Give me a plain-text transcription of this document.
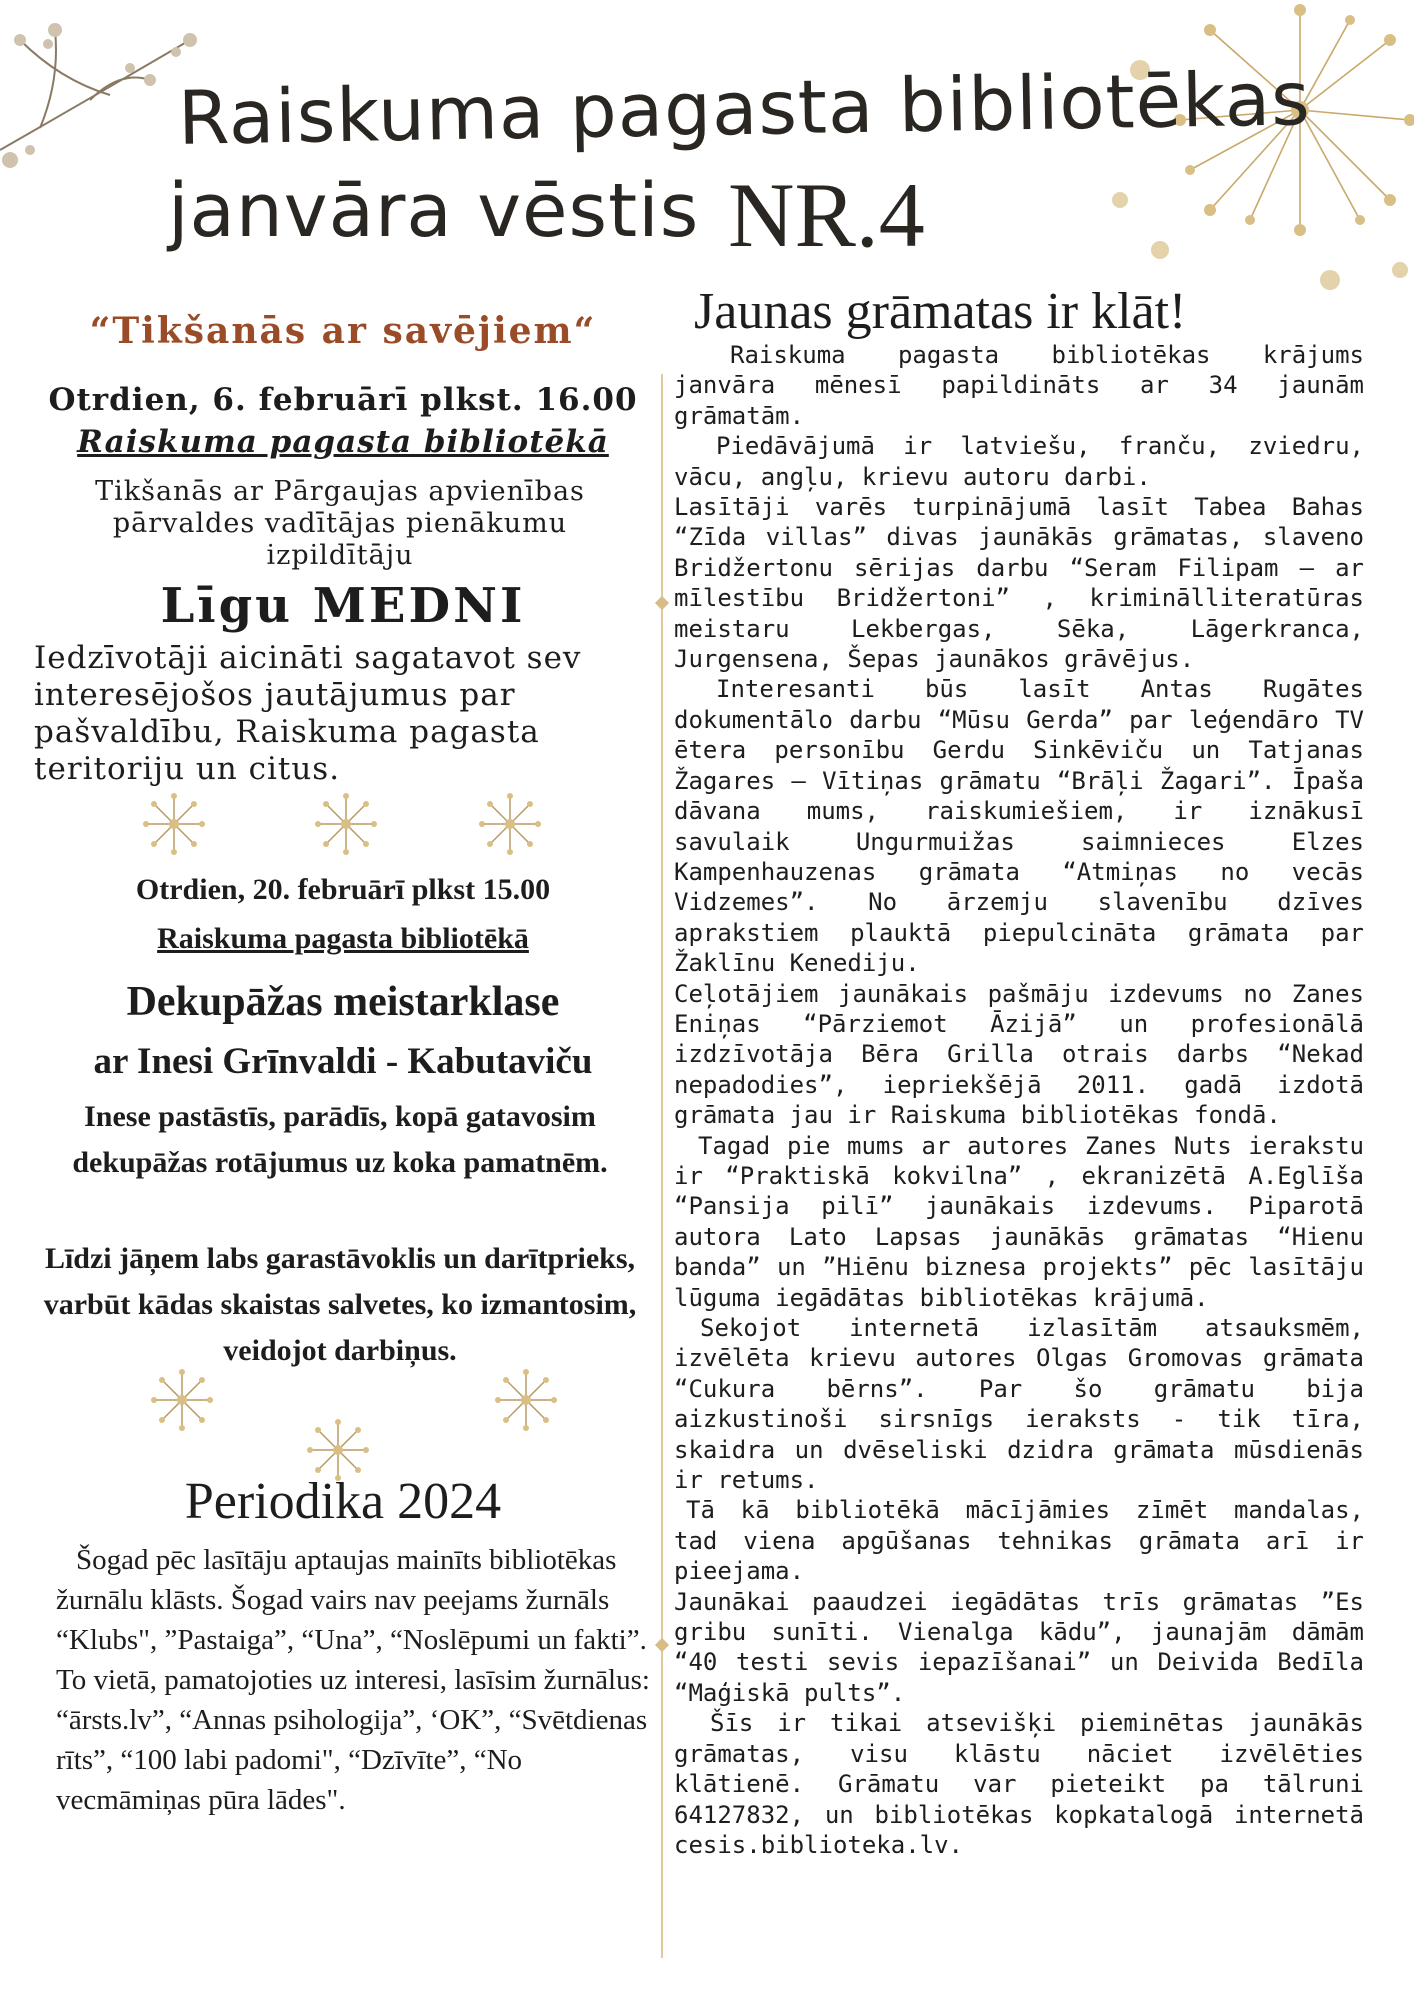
Raiskuma pagasta bibliotēkas
janvāra vēstis NR.4
“Tikšanās ar savējiem“
Otrdien, 6. februārī plkst. 16.00
Raiskuma pagasta bibliotēkā
Tikšanās ar Pārgaujas apvienības pārvaldes vadītājas pienākumu izpildītāju
Līgu MEDNI
Iedzīvotāji aicināti sagatavot sev interesējošos jautājumus par pašvaldību, Raiskuma pagasta teritoriju un citus.
Otrdien, 20. februārī plkst 15.00
Raiskuma pagasta bibliotēkā
Dekupāžas meistarklase
ar Inesi Grīnvaldi - Kabutaviču
Inese pastāstīs, parādīs, kopā gatavosim dekupāžas rotājumus uz koka pamatnēm.
Līdzi jāņem labs garastāvoklis un darītprieks, varbūt kādas skaistas salvetes, ko izmantosim, veidojot darbiņus.
Periodika 2024

Šogad pēc lasītāju aptaujas mainīts bibliotēkas žurnālu klāsts. Šogad vairs nav peejams žurnāls “Klubs", ”Pastaiga”, “Una”, “Noslēpumi un fakti”.

To vietā, pamatojoties uz interesi, lasīsim žurnālus: “ārsts.lv”, “Annas psihologija”, ‘OK”, “Svētdienas rīts”, “100 labi padomi", “Dzīvīte”, “No vecmāmiņas pūra lādes".

Jaunas grāmatas ir klāt!

Raiskuma pagasta bibliotēkas krājums janvāra mēnesī papildināts ar 34 jaunām grāmatām.

Piedāvājumā ir latviešu, franču, zviedru, vācu, angļu, krievu autoru darbi.

Lasītāji varēs turpinājumā lasīt Tabea Bahas “Zīda villas” divas jaunākās grāmatas, slaveno Bridžertonu sērijas darbu “Seram Filipam – ar mīlestību Bridžertoni” , kriminālliteratūras meistaru Lekbergas, Sēka, Lāgerkranca, Jurgensena, Šepas jaunākos grāvējus.

Interesanti būs lasīt Antas Rugātes dokumentālo darbu “Mūsu Gerda” par leģendāro TV ētera personību Gerdu Sinkēviču un Tatjanas Žagares – Vītiņas grāmatu “Brāļi Žagari”. Īpaša dāvana mums, raiskumiešiem, ir iznākusī savulaik Ungurmuižas saimnieces Elzes Kampenhauzenas grāmata “Atmiņas no vecās Vidzemes”. No ārzemju slavenību dzīves aprakstiem plauktā piepulcināta grāmata par Žaklīnu Kenediju.

Ceļotājiem jaunākais pašmāju izdevums no Zanes Eniņas “Pārziemot Āzijā” un profesionālā izdzīvotāja Bēra Grilla otrais darbs “Nekad nepadodies”, iepriekšējā 2011. gadā izdotā grāmata jau ir Raiskuma bibliotēkas fondā.

Tagad pie mums ar autores Zanes Nuts ierakstu ir “Praktiskā kokvilna” , ekranizētā A.Eglīša “Pansija pilī” jaunākais izdevums. Piparotā autora Lato Lapsas jaunākās grāmatas “Hienu banda” un ”Hiēnu biznesa projekts” pēc lasītāju lūguma iegādātas bibliotēkas krājumā.

Sekojot internetā izlasītām atsauksmēm, izvēlēta krievu autores Olgas Gromovas grāmata “Cukura bērns”. Par šo grāmatu bija aizkustinoši sirsnīgs ieraksts - tik tīra, skaidra un dvēseliski dzidra grāmata mūsdienās ir retums.

Tā kā bibliotēkā mācījāmies zīmēt mandalas, tad viena apgūšanas tehnikas grāmata arī ir pieejama.

Jaunākai paaudzei iegādātas trīs grāmatas ”Es gribu sunīti. Vienalga kādu”, jaunajām dāmām “40 testi sevis iepazīšanai” un Deivida Bedīla “Maģiskā pults”.

Šīs ir tikai atsevišķi pieminētas jaunākās grāmatas, visu klāstu nāciet izvēlēties klātienē. Grāmatu var pieteikt pa tālruni 64127832, un bibliotēkas kopkatalogā internetā cesis.biblioteka.lv.
